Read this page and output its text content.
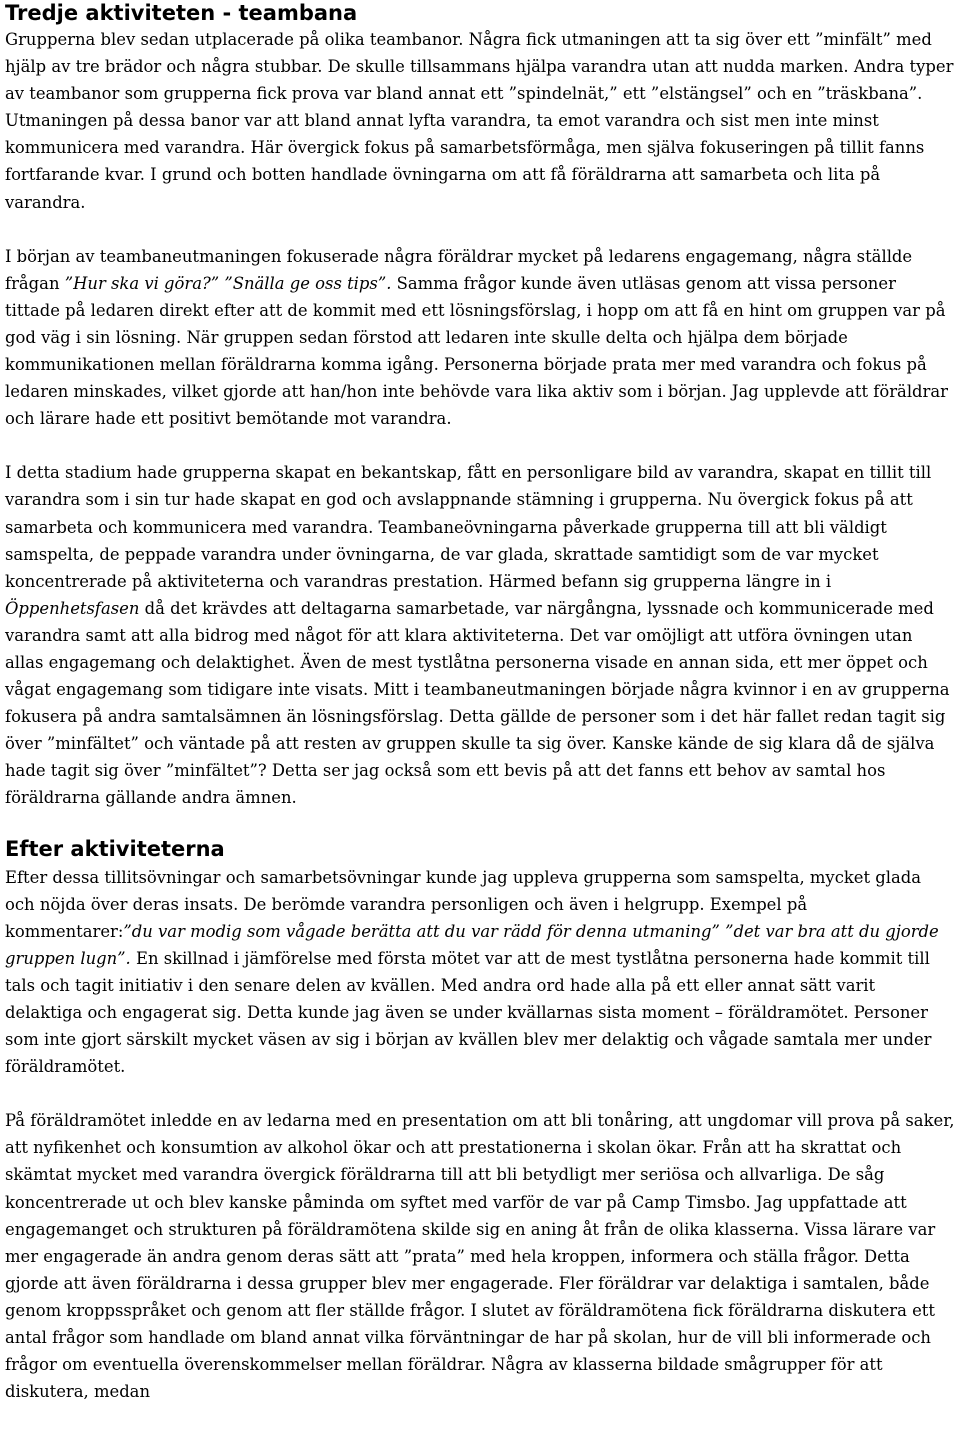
Tredje aktiviteten - teambana

Grupperna blev sedan utplacerade på olika teambanor. Några fick utmaningen att ta sig över ett ”minfält” med hjälp av tre brädor och några stubbar. De skulle tillsammans hjälpa varandra utan att nudda marken. Andra typer av teambanor som grupperna fick prova var bland annat ett ”spindelnät,” ett ”elstängsel” och en ”träskbana”. Utmaningen på dessa banor var att bland annat lyfta varandra, ta emot varandra och sist men inte minst kommunicera med varandra. Här övergick fokus på samarbetsförmåga, men själva fokuseringen på tillit fanns fortfarande kvar. I grund och botten handlade övningarna om att få föräldrarna att samarbeta och lita på varandra.

I början av teambaneutmaningen fokuserade några föräldrar mycket på ledarens engagemang, några ställde frågan ”Hur ska vi göra?” ”Snälla ge oss tips”. Samma frågor kunde även utläsas genom att vissa personer tittade på ledaren direkt efter att de kommit med ett lösningsförslag, i hopp om att få en hint om gruppen var på god väg i sin lösning. När gruppen sedan förstod att ledaren inte skulle delta och hjälpa dem började kommunikationen mellan föräldrarna komma igång. Personerna började prata mer med varandra och fokus på ledaren minskades, vilket gjorde att han/hon inte behövde vara lika aktiv som i början. Jag upplevde att föräldrar och lärare hade ett positivt bemötande mot varandra.

I detta stadium hade grupperna skapat en bekantskap, fått en personligare bild av varandra, skapat en tillit till varandra som i sin tur hade skapat en god och avslappnande stämning i grupperna. Nu övergick fokus på att samarbeta och kommunicera med varandra. Teambaneövningarna påverkade grupperna till att bli väldigt samspelta, de peppade varandra under övningarna, de var glada, skrattade samtidigt som de var mycket koncentrerade på aktiviteterna och varandras prestation. Härmed befann sig grupperna längre in i Öppenhetsfasen då det krävdes att deltagarna samarbetade, var närgångna, lyssnade och kommunicerade med varandra samt att alla bidrog med något för att klara aktiviteterna. Det var omöjligt att utföra övningen utan allas engagemang och delaktighet. Även de mest tystlåtna personerna visade en annan sida, ett mer öppet och vågat engagemang som tidigare inte visats. Mitt i teambaneutmaningen började några kvinnor i en av grupperna fokusera på andra samtalsämnen än lösningsförslag. Detta gällde de personer som i det här fallet redan tagit sig över ”minfältet” och väntade på att resten av gruppen skulle ta sig över. Kanske kände de sig klara då de själva hade tagit sig över ”minfältet”? Detta ser jag också som ett bevis på att det fanns ett behov av samtal hos föräldrarna gällande andra ämnen.

Efter aktiviteterna

Efter dessa tillitsövningar och samarbetsövningar kunde jag uppleva grupperna som samspelta, mycket glada och nöjda över deras insats. De berömde varandra personligen och även i helgrupp. Exempel på kommentarer:”du var modig som vågade berätta att du var rädd för denna utmaning” ”det var bra att du gjorde gruppen lugn”. En skillnad i jämförelse med första mötet var att de mest tystlåtna personerna hade kommit till tals och tagit initiativ i den senare delen av kvällen. Med andra ord hade alla på ett eller annat sätt varit delaktiga och engagerat sig. Detta kunde jag även se under kvällarnas sista moment – föräldramötet. Personer som inte gjort särskilt mycket väsen av sig i början av kvällen blev mer delaktig och vågade samtala mer under föräldramötet.

På föräldramötet inledde en av ledarna med en presentation om att bli tonåring, att ungdomar vill prova på saker, att nyfikenhet och konsumtion av alkohol ökar och att prestationerna i skolan ökar. Från att ha skrattat och skämtat mycket med varandra övergick föräldrarna till att bli betydligt mer seriösa och allvarliga. De såg koncentrerade ut och blev kanske påminda om syftet med varför de var på Camp Timsbo. Jag uppfattade att engagemanget och strukturen på föräldramötena skilde sig en aning åt från de olika klasserna. Vissa lärare var mer engagerade än andra genom deras sätt att ”prata” med hela kroppen, informera och ställa frågor. Detta gjorde att även föräldrarna i dessa grupper blev mer engagerade. Fler föräldrar var delaktiga i samtalen, både genom kroppsspråket och genom att fler ställde frågor. I slutet av föräldramötena fick föräldrarna diskutera ett antal frågor som handlade om bland annat vilka förväntningar de har på skolan, hur de vill bli informerade och frågor om eventuella överenskommelser mellan föräldrar. Några av klasserna bildade smågrupper för att diskutera, medan
